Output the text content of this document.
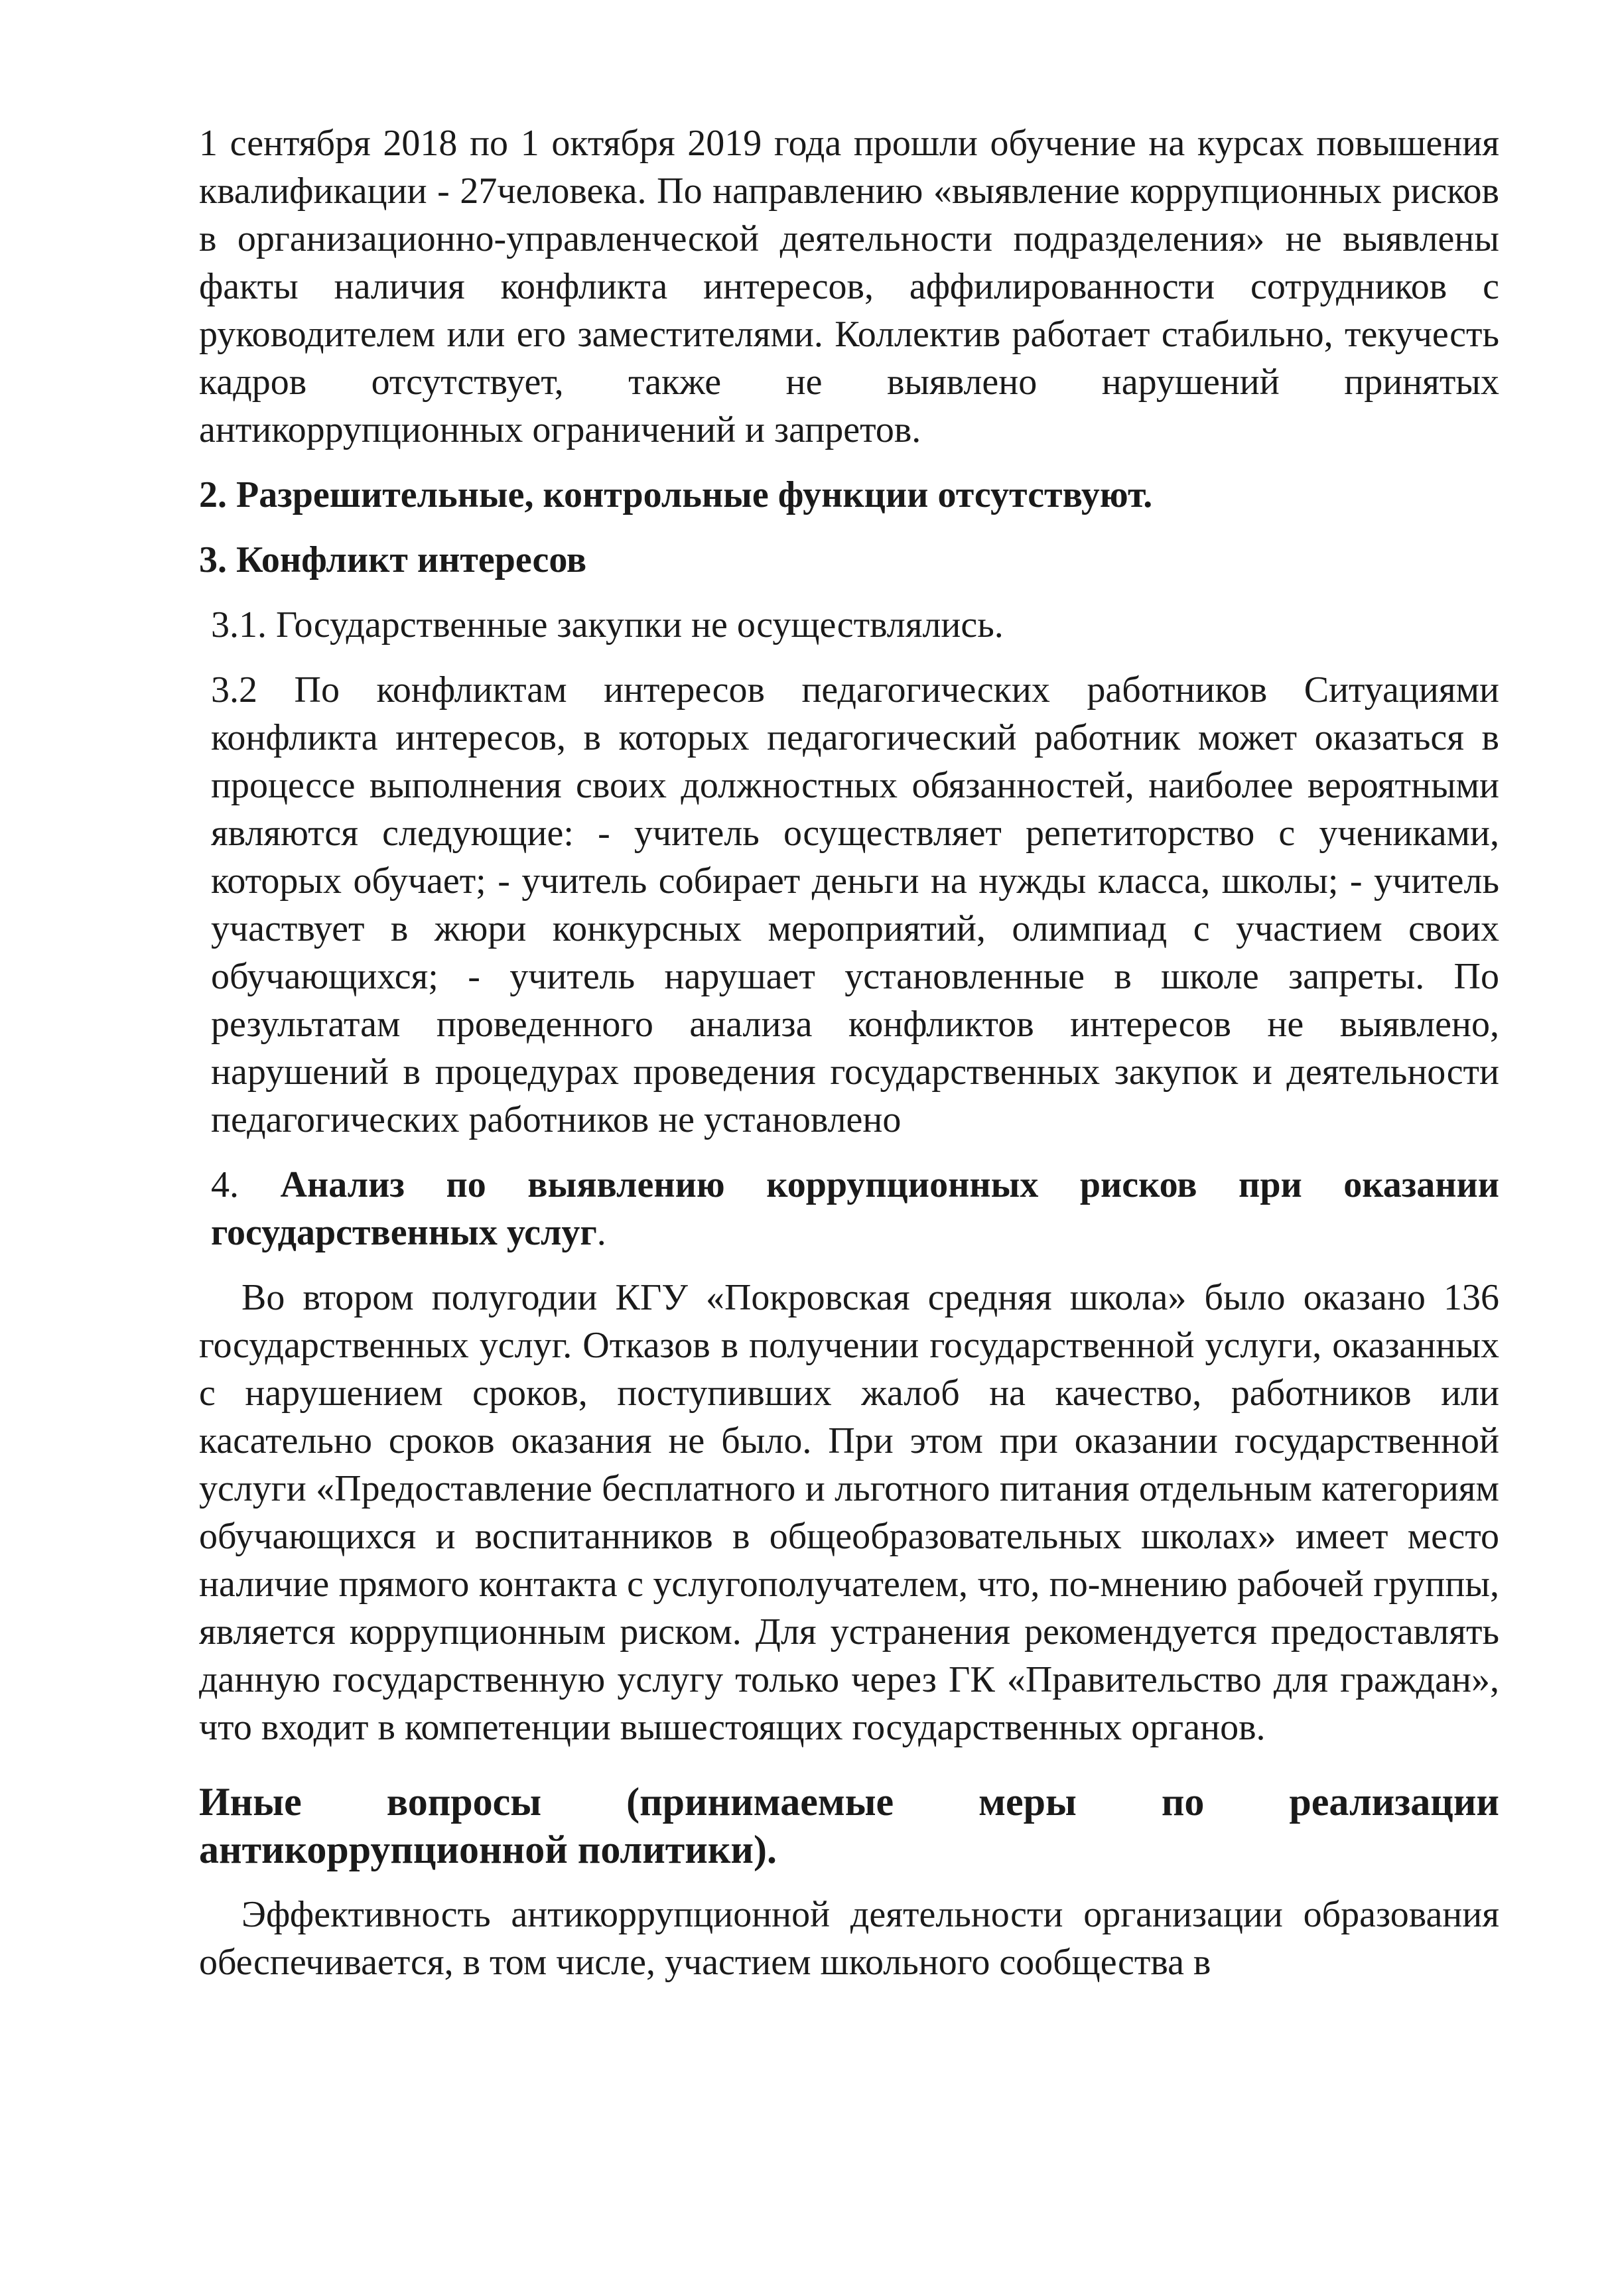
1 сентября 2018 по 1 октября 2019 года прошли обучение на курсах повышения квалификации - 27человека. По направлению «выявление коррупционных рисков в организационно-управленческой деятельности подразделения» не выявлены факты наличия конфликта интересов, аффилированности сотрудников с руководителем или его заместителями. Коллектив работает стабильно, текучесть кадров отсутствует, также не выявлено нарушений принятых антикоррупционных ограничений и запретов.

2. Разрешительные, контрольные функции отсутствуют.

3. Конфликт интересов

3.1. Государственные закупки не осуществлялись.

3.2 По конфликтам интересов педагогических работников Ситуациями конфликта интересов, в которых педагогический работник может оказаться в процессе выполнения своих должностных обязанностей, наиболее вероятными являются следующие: - учитель осуществляет репетиторство с учениками, которых обучает; - учитель собирает деньги на нужды класса, школы; - учитель участвует в жюри конкурсных мероприятий, олимпиад с участием своих обучающихся; - учитель нарушает установленные в школе запреты. По результатам проведенного анализа конфликтов интересов не выявлено, нарушений в процедурах проведения государственных закупок и деятельности педагогических работников не установлено

4. Анализ по выявлению коррупционных рисков при оказании государственных услуг.

Во втором полугодии КГУ «Покровская средняя школа» было оказано 136 государственных услуг. Отказов в получении государственной услуги, оказанных с нарушением сроков, поступивших жалоб на качество, работников или касательно сроков оказания не было. При этом при оказании государственной услуги «Предоставление бесплатного и льготного питания отдельным категориям обучающихся и воспитанников в общеобразовательных школах» имеет место наличие прямого контакта с услугополучателем, что, по-мнению рабочей группы, является коррупционным риском. Для устранения рекомендуется предоставлять данную государственную услугу только через ГК «Правительство для граждан», что входит в компетенции вышестоящих государственных органов.

Иные вопросы (принимаемые меры по реализации антикоррупционной политики).

Эффективность антикоррупционной деятельности организации образования обеспечивается, в том числе, участием школьного сообщества в
